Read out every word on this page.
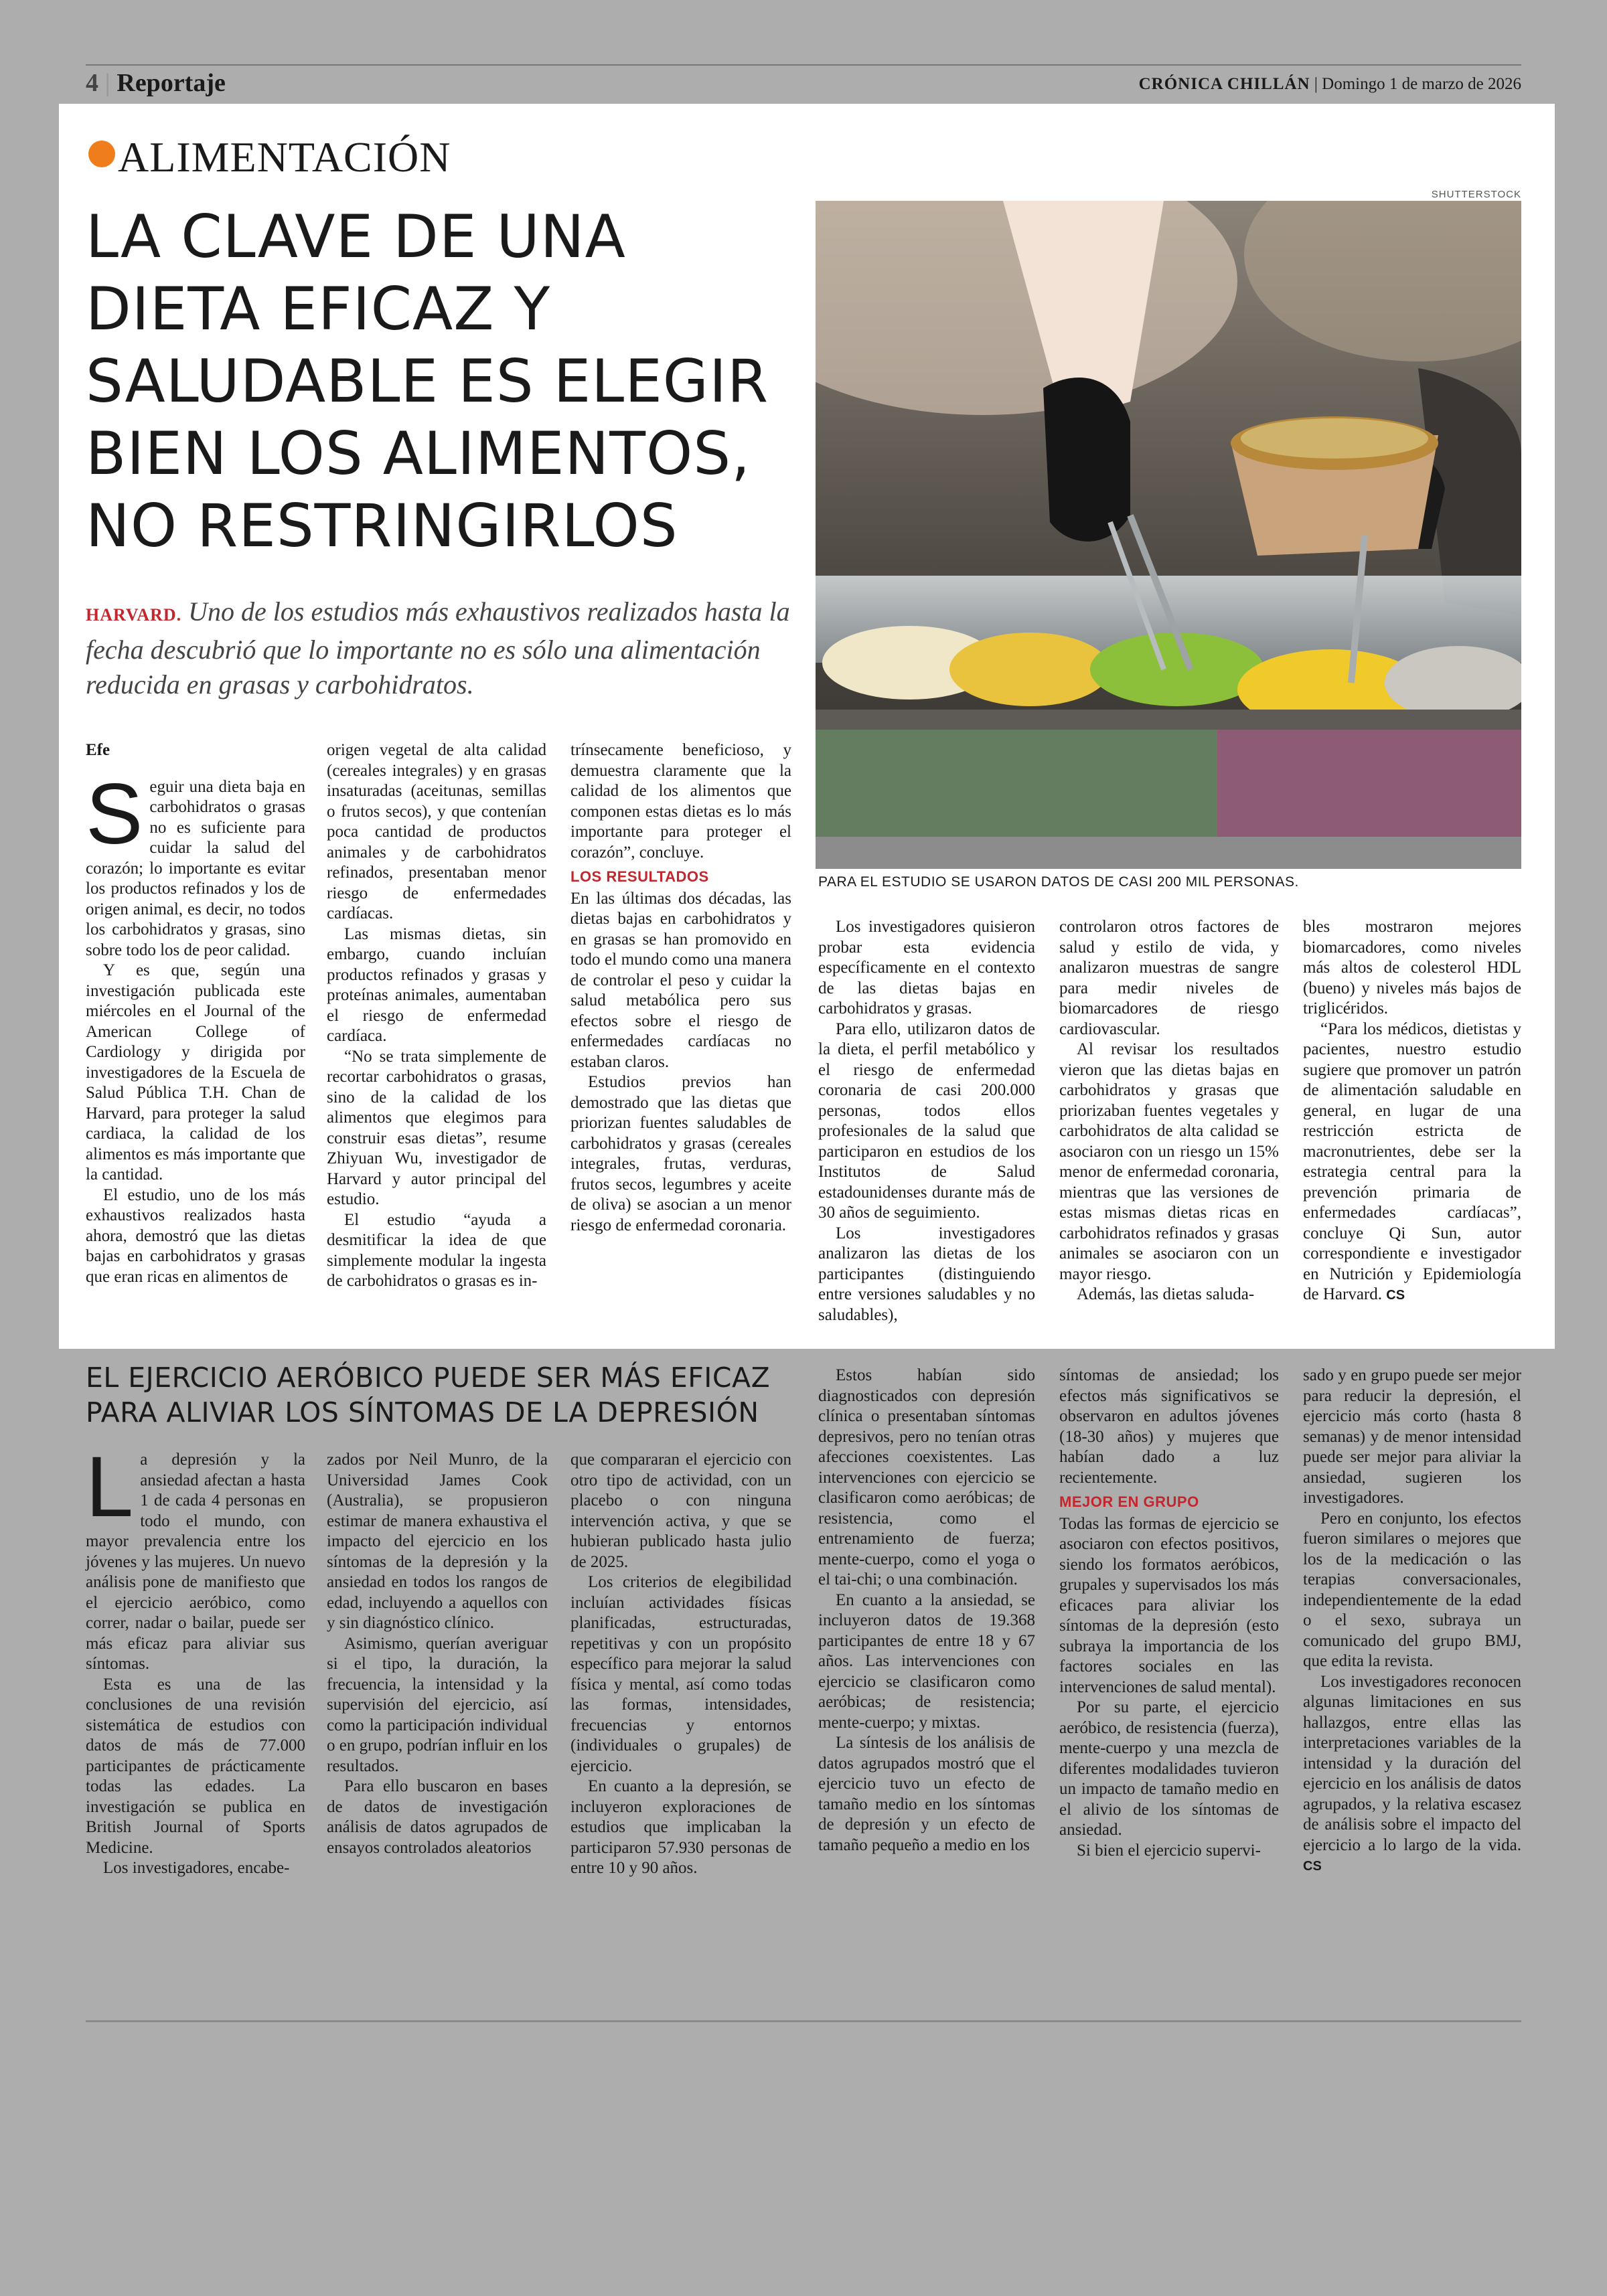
4 | Reportaje	CRÓNICA CHILLÁN | Domingo 1 de marzo de 2026
ALIMENTACIÓN
LA CLAVE DE UNA
DIETA EFICAZ Y
SALUDABLE ES ELEGIR
BIEN LOS ALIMENTOS,
NO RESTRINGIRLOS
HARVARD. Uno de los estudios más exhaustivos realizados hasta la fecha descubrió que lo importante no es sólo una alimentación reducida en grasas y carbohidratos.
SHUTTERSTOCK
PARA EL ESTUDIO SE USARON DATOS DE CASI 200 MIL PERSONAS.

Efe

Seguir una dieta baja en carbohidratos o grasas no es suficiente para cuidar la salud del corazón; lo importante es evitar los productos refinados y los de origen animal, es decir, no todos los carbohidratos y grasas, sino sobre todo los de peor calidad.

Y es que, según una investigación publicada este miércoles en el Journal of the American College of Cardiology y dirigida por investigadores de la Escuela de Salud Pública T.H. Chan de Harvard, para proteger la salud cardiaca, la calidad de los alimentos es más importante que la cantidad.

El estudio, uno de los más exhaustivos realizados hasta ahora, demostró que las dietas bajas en carbohidratos y grasas que eran ricas en alimentos de

origen vegetal de alta calidad (cereales integrales) y en grasas insaturadas (aceitunas, semillas o frutos secos), y que contenían poca cantidad de productos animales y de carbohidratos refinados, presentaban menor riesgo de enfermedades cardíacas.

Las mismas dietas, sin embargo, cuando incluían productos refinados y grasas y proteínas animales, aumentaban el riesgo de enfermedad cardíaca.

“No se trata simplemente de recortar carbohidratos o grasas, sino de la calidad de los alimentos que elegimos para construir esas dietas”, resume Zhiyuan Wu, investigador de Harvard y autor principal del estudio.

El estudio “ayuda a desmitificar la idea de que simplemente modular la ingesta de carbohidratos o grasas es in-

trínsecamente beneficioso, y demuestra claramente que la calidad de los alimentos que componen estas dietas es lo más importante para proteger el corazón”, concluye.

LOS RESULTADOS

En las últimas dos décadas, las dietas bajas en carbohidratos y en grasas se han promovido en todo el mundo como una manera de controlar el peso y cuidar la salud metabólica pero sus efectos sobre el riesgo de enfermedades cardíacas no estaban claros.

Estudios previos han demostrado que las dietas que priorizan fuentes saludables de carbohidratos y grasas (cereales integrales, frutas, verduras, frutos secos, legumbres y aceite de oliva) se asocian a un menor riesgo de enfermedad coronaria.

Los investigadores quisieron probar esta evidencia específicamente en el contexto de las dietas bajas en carbohidratos y grasas.

Para ello, utilizaron datos de la dieta, el perfil metabólico y el riesgo de enfermedad coronaria de casi 200.000 personas, todos ellos profesionales de la salud que participaron en estudios de los Institutos de Salud estadounidenses durante más de 30 años de seguimiento.

Los investigadores analizaron las dietas de los participantes (distinguiendo entre versiones saludables y no saludables),

controlaron otros factores de salud y estilo de vida, y analizaron muestras de sangre para medir niveles de biomarcadores de riesgo cardiovascular.

Al revisar los resultados vieron que las dietas bajas en carbohidratos y grasas que priorizaban fuentes vegetales y carbohidratos de alta calidad se asociaron con un riesgo un 15% menor de enfermedad coronaria, mientras que las versiones de estas mismas dietas ricas en carbohidratos refinados y grasas animales se asociaron con un mayor riesgo.

Además, las dietas saluda-

bles mostraron mejores biomarcadores, como niveles más altos de colesterol HDL (bueno) y niveles más bajos de triglicéridos.

“Para los médicos, dietistas y pacientes, nuestro estudio sugiere que promover un patrón de alimentación saludable en general, en lugar de una restricción estricta de macronutrientes, debe ser la estrategia central para la prevención primaria de enfermedades cardíacas”, concluye Qi Sun, autor correspondiente e investigador en Nutrición y Epidemiología de Harvard. CS

EL EJERCICIO AERÓBICO PUEDE SER MÁS EFICAZ
PARA ALIVIAR LOS SÍNTOMAS DE LA DEPRESIÓN

La depresión y la ansiedad afectan a hasta 1 de cada 4 personas en todo el mundo, con mayor prevalencia entre los jóvenes y las mujeres. Un nuevo análisis pone de manifiesto que el ejercicio aeróbico, como correr, nadar o bailar, puede ser más eficaz para aliviar sus síntomas.

Esta es una de las conclusiones de una revisión sistemática de estudios con datos de más de 77.000 participantes de prácticamente todas las edades. La investigación se publica en British Journal of Sports Medicine.

Los investigadores, encabe-

zados por Neil Munro, de la Universidad James Cook (Australia), se propusieron estimar de manera exhaustiva el impacto del ejercicio en los síntomas de la depresión y la ansiedad en todos los rangos de edad, incluyendo a aquellos con y sin diagnóstico clínico.

Asimismo, querían averiguar si el tipo, la duración, la frecuencia, la intensidad y la supervisión del ejercicio, así como la participación individual o en grupo, podrían influir en los resultados.

Para ello buscaron en bases de datos de investigación análisis de datos agrupados de ensayos controlados aleatorios

que compararan el ejercicio con otro tipo de actividad, con un placebo o con ninguna intervención activa, y que se hubieran publicado hasta julio de 2025.

Los criterios de elegibilidad incluían actividades físicas planificadas, estructuradas, repetitivas y con un propósito específico para mejorar la salud física y mental, así como todas las formas, intensidades, frecuencias y entornos (individuales o grupales) de ejercicio.

En cuanto a la depresión, se incluyeron exploraciones de estudios que implicaban la participaron 57.930 personas de entre 10 y 90 años.

Estos habían sido diagnosticados con depresión clínica o presentaban síntomas depresivos, pero no tenían otras afecciones coexistentes. Las intervenciones con ejercicio se clasificaron como aeróbicas; de resistencia, como el entrenamiento de fuerza; mente-cuerpo, como el yoga o el tai-chi; o una combinación.

En cuanto a la ansiedad, se incluyeron datos de 19.368 participantes de entre 18 y 67 años. Las intervenciones con ejercicio se clasificaron como aeróbicas; de resistencia; mente-cuerpo; y mixtas.

La síntesis de los análisis de datos agrupados mostró que el ejercicio tuvo un efecto de tamaño medio en los síntomas de depresión y un efecto de tamaño pequeño a medio en los

síntomas de ansiedad; los efectos más significativos se observaron en adultos jóvenes (18-30 años) y mujeres que habían dado a luz recientemente.

MEJOR EN GRUPO

Todas las formas de ejercicio se asociaron con efectos positivos, siendo los formatos aeróbicos, grupales y supervisados los más eficaces para aliviar los síntomas de la depresión (esto subraya la importancia de los factores sociales en las intervenciones de salud mental).

Por su parte, el ejercicio aeróbico, de resistencia (fuerza), mente-cuerpo y una mezcla de diferentes modalidades tuvieron un impacto de tamaño medio en el alivio de los síntomas de ansiedad.

Si bien el ejercicio supervi-

sado y en grupo puede ser mejor para reducir la depresión, el ejercicio más corto (hasta 8 semanas) y de menor intensidad puede ser mejor para aliviar la ansiedad, sugieren los investigadores.

Pero en conjunto, los efectos fueron similares o mejores que los de la medicación o las terapias conversacionales, independientemente de la edad o el sexo, subraya un comunicado del grupo BMJ, que edita la revista.

Los investigadores reconocen algunas limitaciones en sus hallazgos, entre ellas las interpretaciones variables de la intensidad y la duración del ejercicio en los análisis de datos agrupados, y la relativa escasez de análisis sobre el impacto del ejercicio a lo largo de la vida. CS
